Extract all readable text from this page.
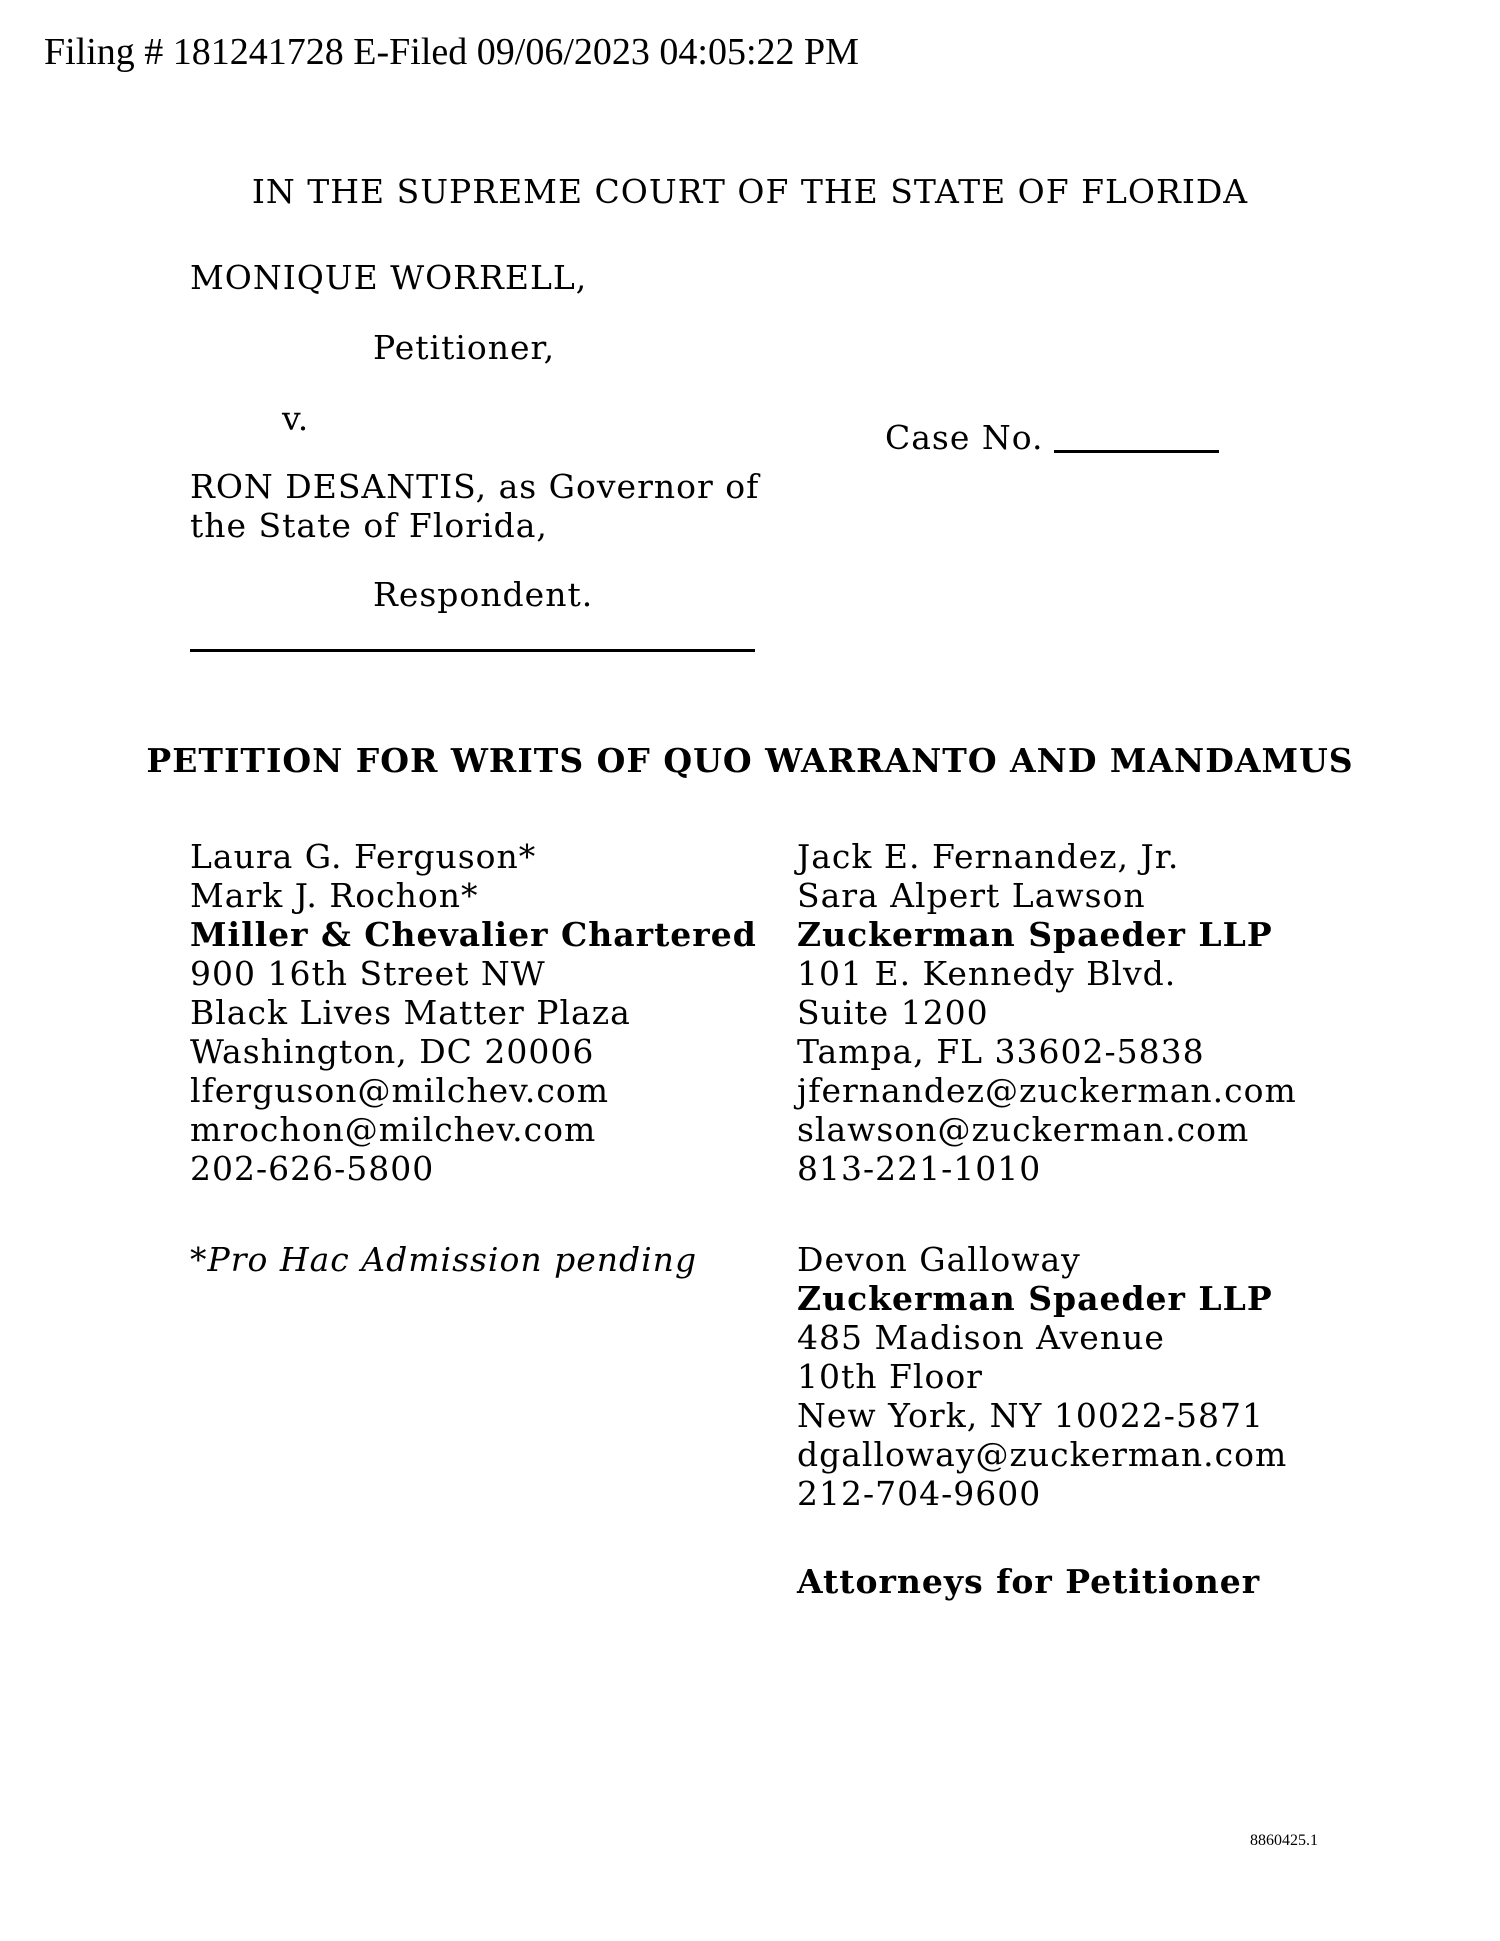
Filing # 181241728 E-Filed 09/06/2023 04:05:22 PM
IN THE SUPREME COURT OF THE STATE OF FLORIDA
MONIQUE WORRELL,
Petitioner,
v.	Case No.
RON DESANTIS, as Governor of
the State of Florida,
Respondent.
PETITION FOR WRITS OF QUO WARRANTO AND MANDAMUS
Laura G. Ferguson*
Mark J. Rochon*
Miller & Chevalier Chartered
900 16th Street NW
Black Lives Matter Plaza
Washington, DC 20006
lferguson@milchev.com
mrochon@milchev.com
202-626-5800
Jack E. Fernandez, Jr.
Sara Alpert Lawson
Zuckerman Spaeder LLP
101 E. Kennedy Blvd.
Suite 1200
Tampa, FL 33602-5838
jfernandez@zuckerman.com
slawson@zuckerman.com
813-221-1010
*Pro Hac Admission pending	Devon Galloway
Zuckerman Spaeder LLP
485 Madison Avenue
10th Floor
New York, NY 10022-5871
dgalloway@zuckerman.com
212-704-9600
Attorneys for Petitioner
8860425.1
